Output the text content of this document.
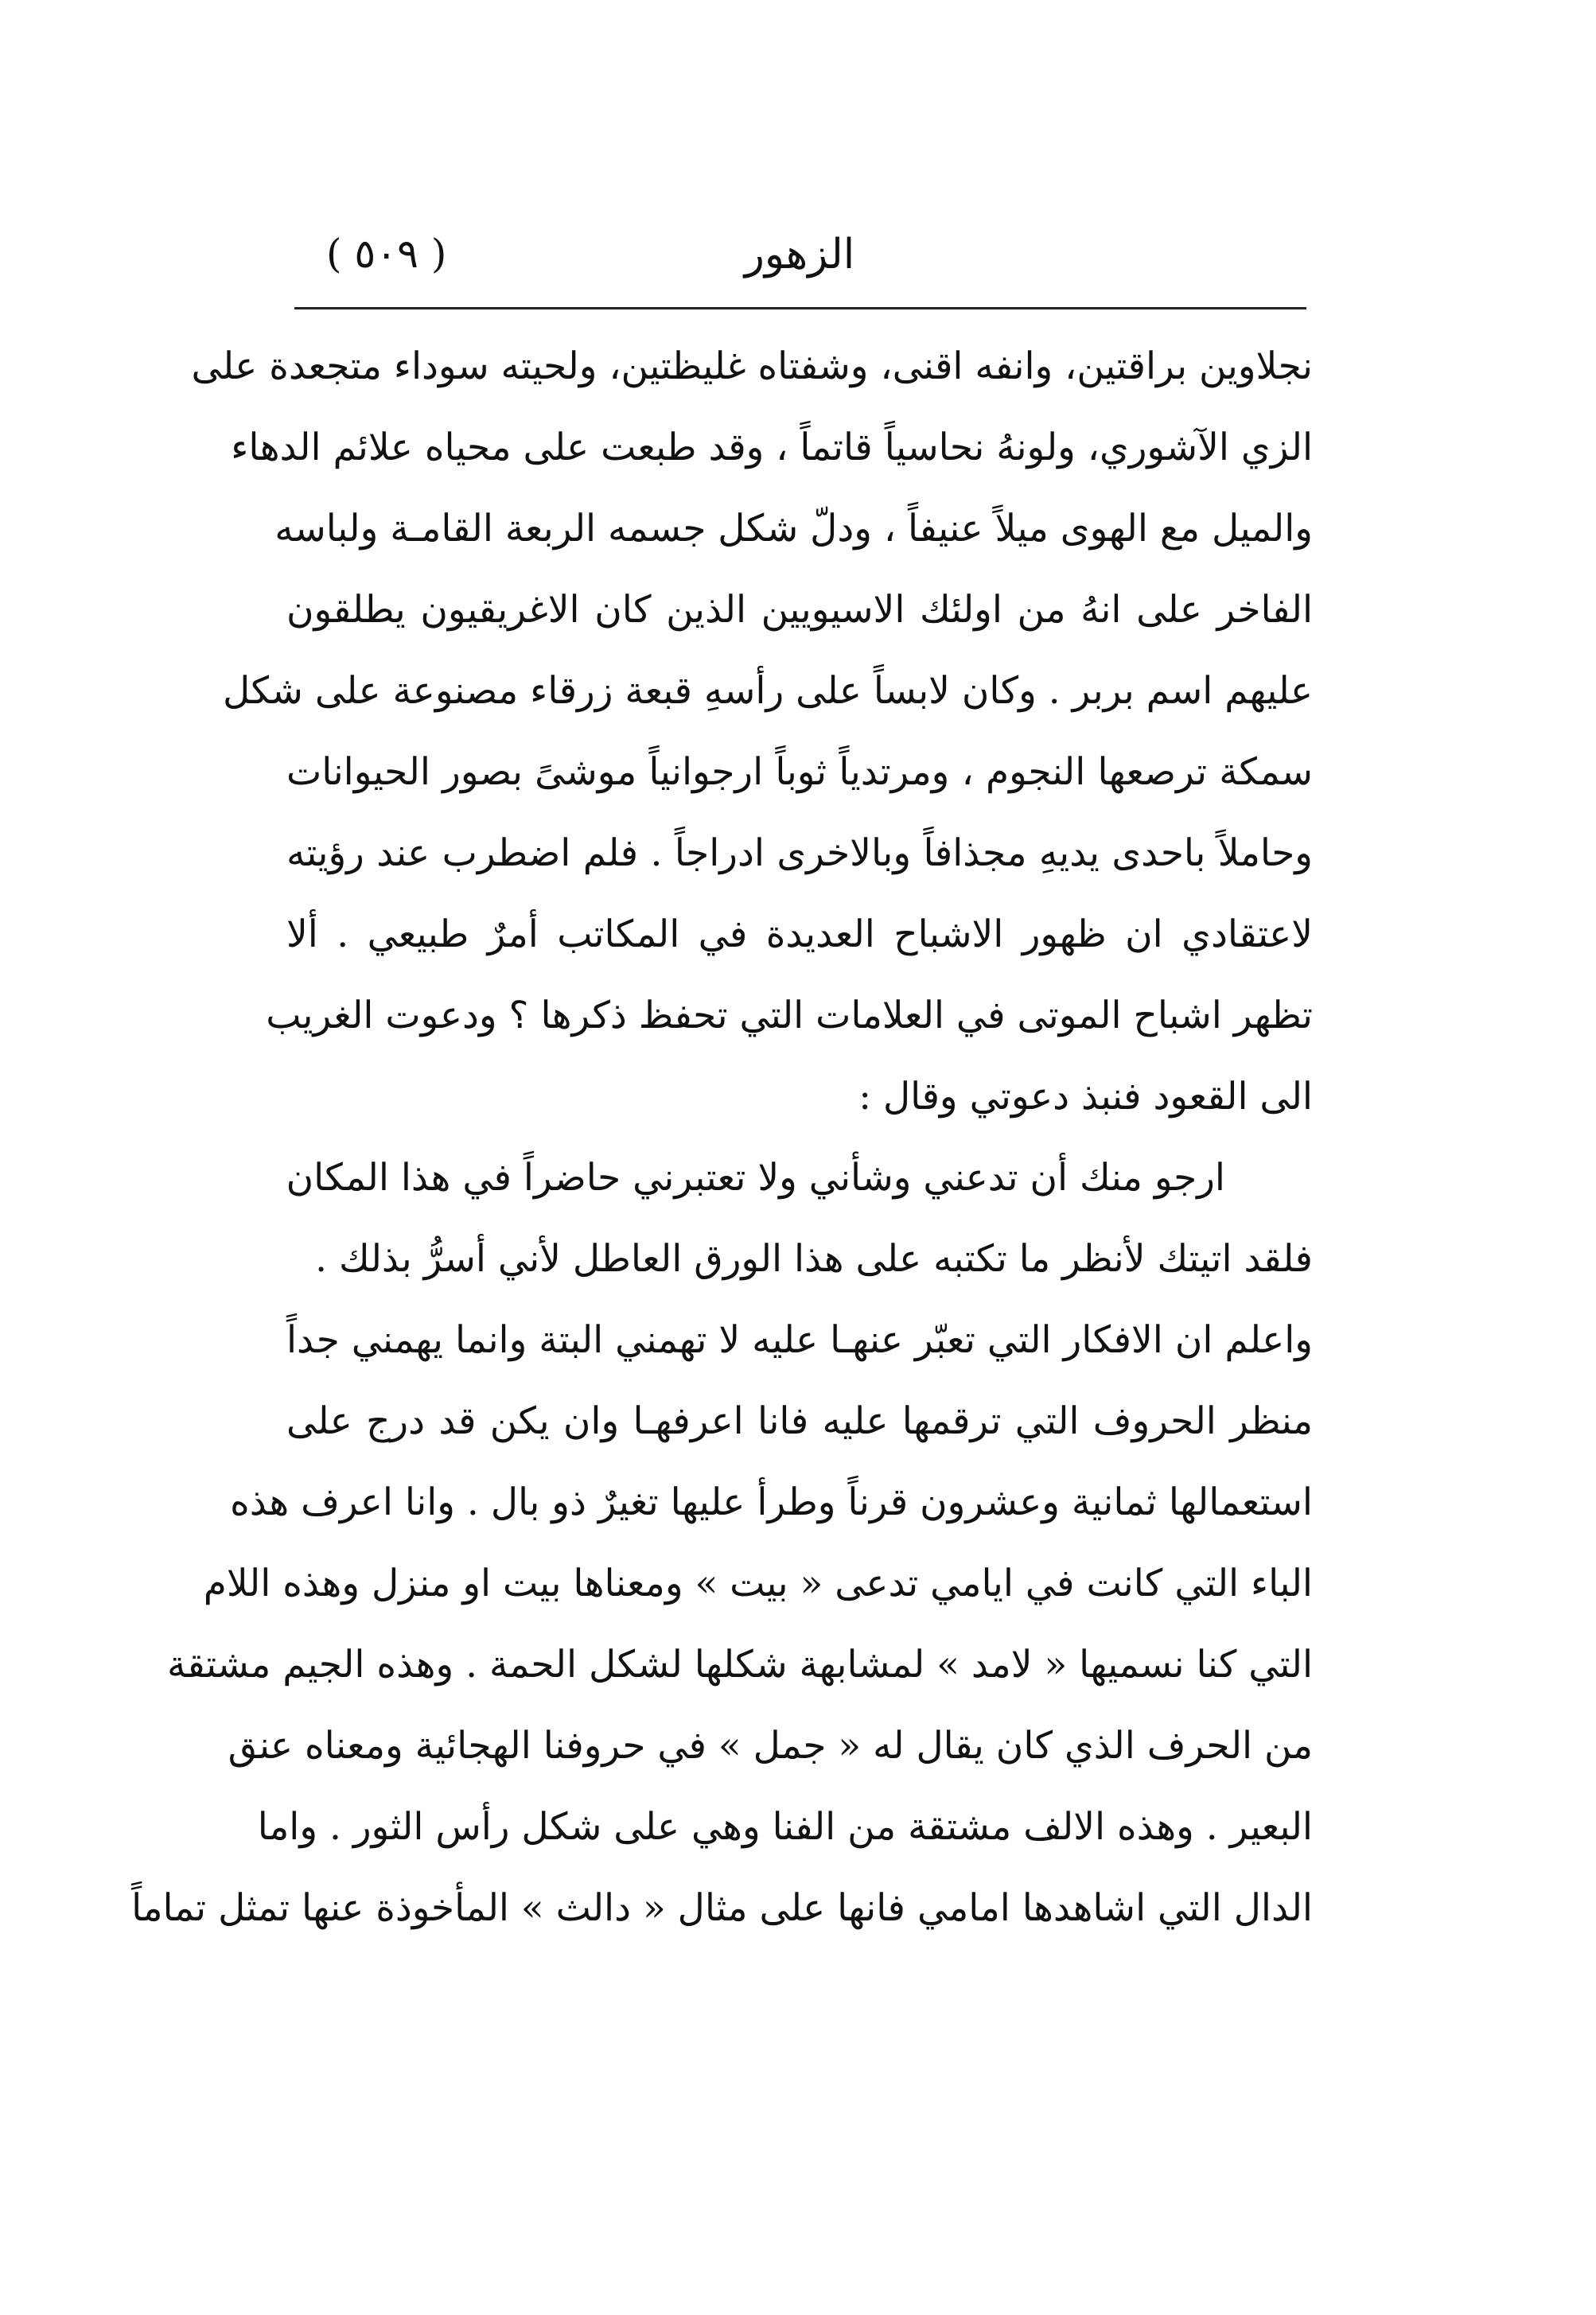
الزهور
( ٥٠٩ )
نجلاوين براقتين، وانفه اقنى، وشفتاه غليظتين، ولحيته سوداء متجعدة على
الزي الآشوري، ولونهُ نحاسياً قاتماً ، وقد طبعت على محياه علائم الدهاء
والميل مع الهوى ميلاً عنيفاً ، ودلّ شكل جسمه الربعة القامـة ولباسه
الفاخر على انهُ من اولئك الاسيويين الذين كان الاغريقيون يطلقون
عليهم اسم بربر . وكان لابساً على رأسهِ قبعة زرقاء مصنوعة على شكل
سمكة ترصعها النجوم ، ومرتدياً ثوباً ارجوانياً موشىً بصور الحيوانات
وحاملاً باحدى يديهِ مجذافاً وبالاخرى ادراجاً . فلم اضطرب عند رؤيته
لاعتقادي ان ظهور الاشباح العديدة في المكاتب أمرٌ طبيعي . ألا
تظهر اشباح الموتى في العلامات التي تحفظ ذكرها ؟ ودعوت الغريب
الى القعود فنبذ دعوتي وقال :
ارجو منك أن تدعني وشأني ولا تعتبرني حاضراً في هذا المكان
فلقد اتيتك لأنظر ما تكتبه على هذا الورق العاطل لأني أسرُّ بذلك .
واعلم ان الافكار التي تعبّر عنهـا عليه لا تهمني البتة وانما يهمني جداً
منظر الحروف التي ترقمها عليه فانا اعرفهـا وان يكن قد درج على
استعمالها ثمانية وعشرون قرناً وطرأ عليها تغيرٌ ذو بال . وانا اعرف هذه
الباء التي كانت في ايامي تدعى « بيت » ومعناها بيت او منزل وهذه اللام
التي كنا نسميها « لامد » لمشابهة شكلها لشكل الحمة . وهذه الجيم مشتقة
من الحرف الذي كان يقال له « جمل » في حروفنا الهجائية ومعناه عنق
البعير . وهذه الالف مشتقة من الفنا وهي على شكل رأس الثور . واما
الدال التي اشاهدها امامي فانها على مثال « دالث » المأخوذة عنها تمثل تماماً
